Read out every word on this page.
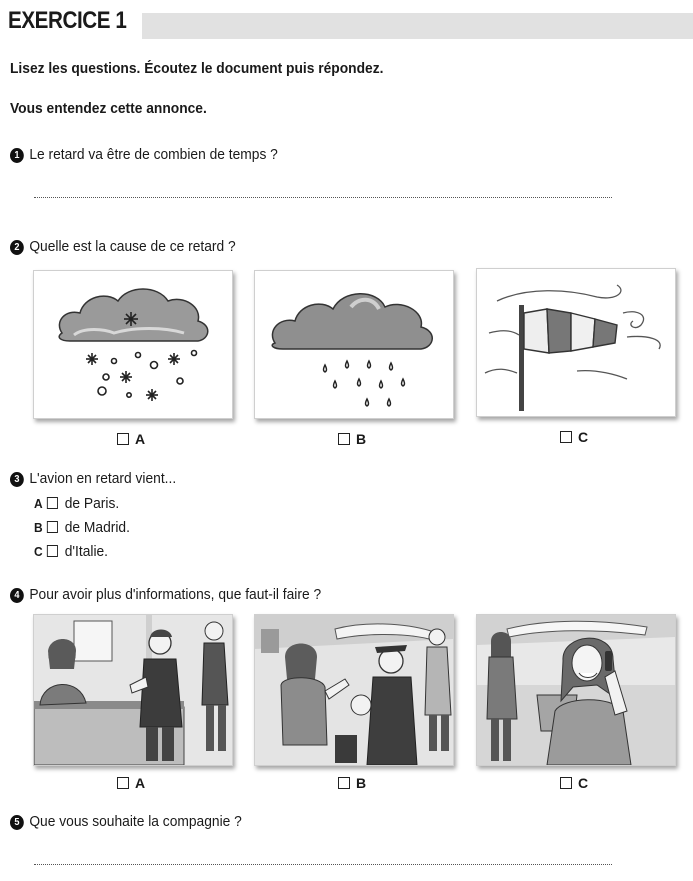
EXERCICE 1
Lisez les questions. Écoutez le document puis répondez.
Vous entendez cette annonce.
1 Le retard va être de combien de temps ?
2 Quelle est la cause de ce retard ?
A	B	C
3 L'avion en retard vient...
A de Paris.
B de Madrid.
C d'Italie.
4 Pour avoir plus d'informations, que faut-il faire ?
A	B	C
5 Que vous souhaite la compagnie ?
